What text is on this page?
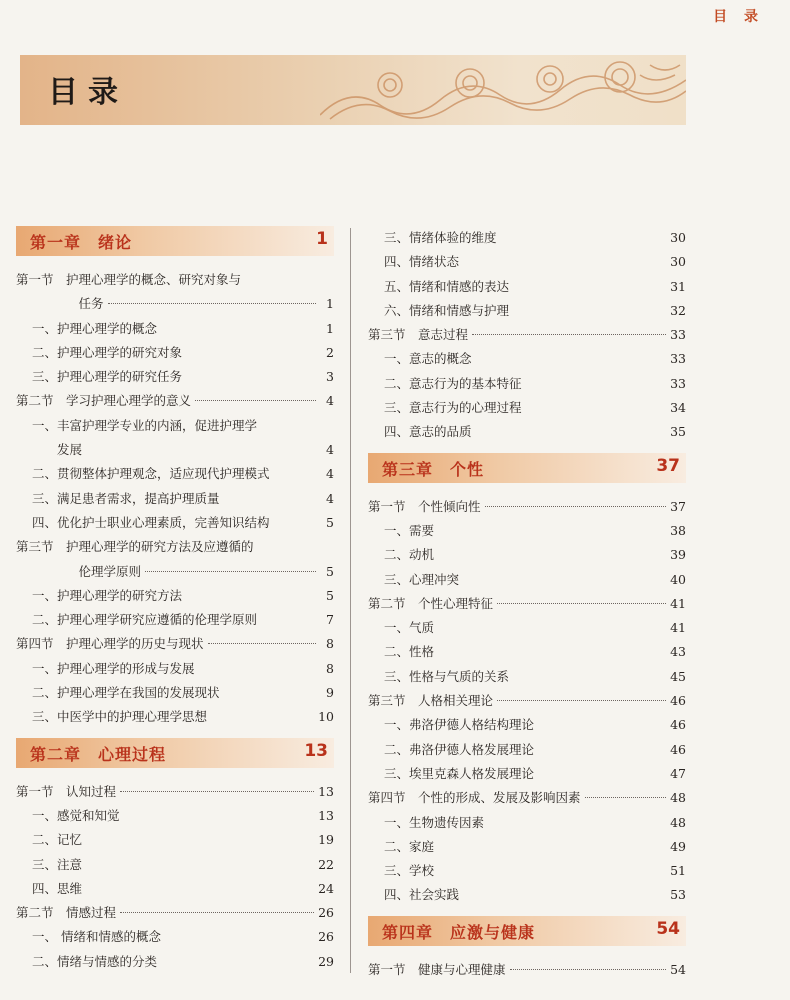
目 录
目录
第一章　绪论	1
第一节　护理心理学的概念、研究对象与
　　　　　任务	1
一、护理心理学的概念	1
二、护理心理学的研究对象	2
三、护理心理学的研究任务	3
第二节　学习护理心理学的意义	4
一、丰富护理学专业的内涵，促进护理学
　　发展	4
二、贯彻整体护理观念，适应现代护理模式	4
三、满足患者需求，提高护理质量	4
四、优化护士职业心理素质，完善知识结构	5
第三节　护理心理学的研究方法及应遵循的
　　　　　伦理学原则	5
一、护理心理学的研究方法	5
二、护理心理学研究应遵循的伦理学原则	7
第四节　护理心理学的历史与现状	8
一、护理心理学的形成与发展	8
二、护理心理学在我国的发展现状	9
三、中医学中的护理心理学思想	10
第二章　心理过程	13
第一节　认知过程	13
一、感觉和知觉	13
二、记忆	19
三、注意	22
四、思维	24
第二节　情感过程	26
一、 情绪和情感的概念	26
二、情绪与情感的分类	29
三、情绪体验的维度	30
四、情绪状态	30
五、情绪和情感的表达	31
六、情绪和情感与护理	32
第三节　意志过程	33
一、意志的概念	33
二、意志行为的基本特征	33
三、意志行为的心理过程	34
四、意志的品质	35
第三章　个性	37
第一节　个性倾向性	37
一、需要	38
二、动机	39
三、心理冲突	40
第二节　个性心理特征	41
一、气质	41
二、性格	43
三、性格与气质的关系	45
第三节　人格相关理论	46
一、弗洛伊德人格结构理论	46
二、弗洛伊德人格发展理论	46
三、埃里克森人格发展理论	47
第四节　个性的形成、发展及影响因素	48
一、生物遗传因素	48
二、家庭	49
三、学校	51
四、社会实践	53
第四章　应激与健康	54
第一节　健康与心理健康	54
